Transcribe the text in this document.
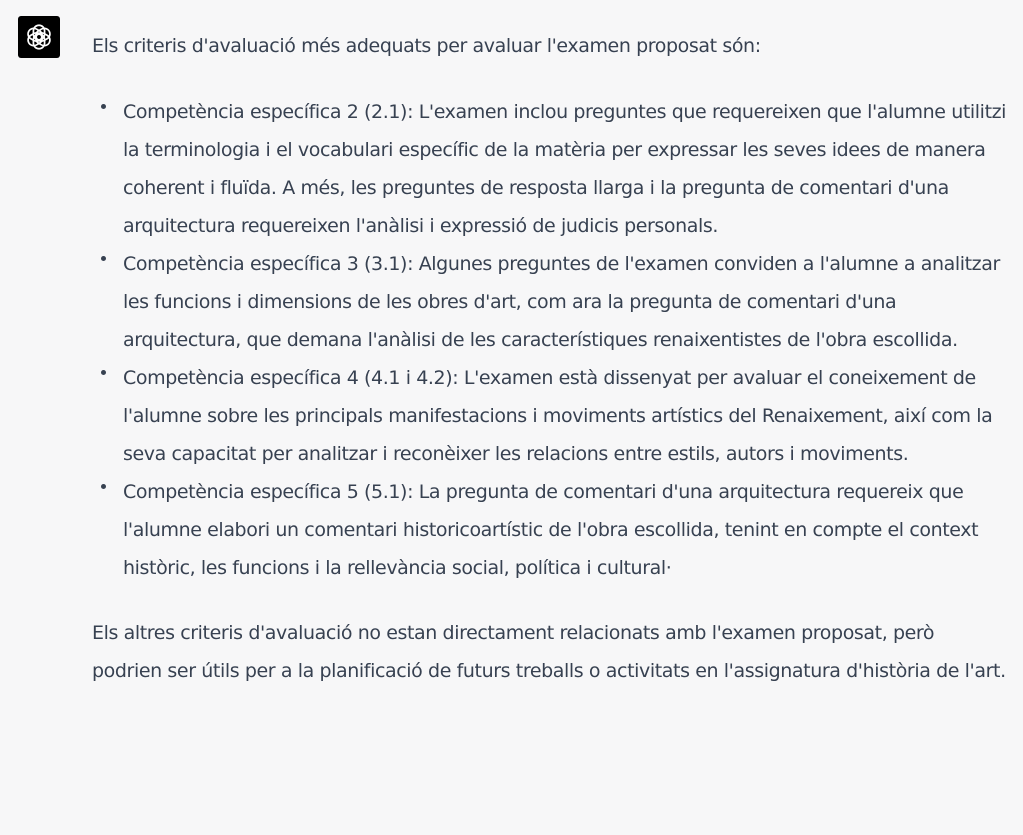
Els criteris d'avaluació més adequats per avaluar l'examen proposat són:

Competència específica 2 (2.1): L'examen inclou preguntes que requereixen que l'alumne utilitzi la terminologia i el vocabulari específic de la matèria per expressar les seves idees de manera coherent i fluïda. A més, les preguntes de resposta llarga i la pregunta de comentari d'una arquitectura requereixen l'anàlisi i expressió de judicis personals.
Competència específica 3 (3.1): Algunes preguntes de l'examen conviden a l'alumne a analitzar les funcions i dimensions de les obres d'art, com ara la pregunta de comentari d'una arquitectura, que demana l'anàlisi de les característiques renaixentistes de l'obra escollida.
Competència específica 4 (4.1 i 4.2): L'examen està dissenyat per avaluar el coneixement de l'alumne sobre les principals manifestacions i moviments artístics del Renaixement, així com la seva capacitat per analitzar i reconèixer les relacions entre estils, autors i moviments.
Competència específica 5 (5.1): La pregunta de comentari d'una arquitectura requereix que l'alumne elabori un comentari historicoartístic de l'obra escollida, tenint en compte el context històric, les funcions i la rellevància social, política i cultural·

Els altres criteris d'avaluació no estan directament relacionats amb l'examen proposat, però podrien ser útils per a la planificació de futurs treballs o activitats en l'assignatura d'història de l'art.
